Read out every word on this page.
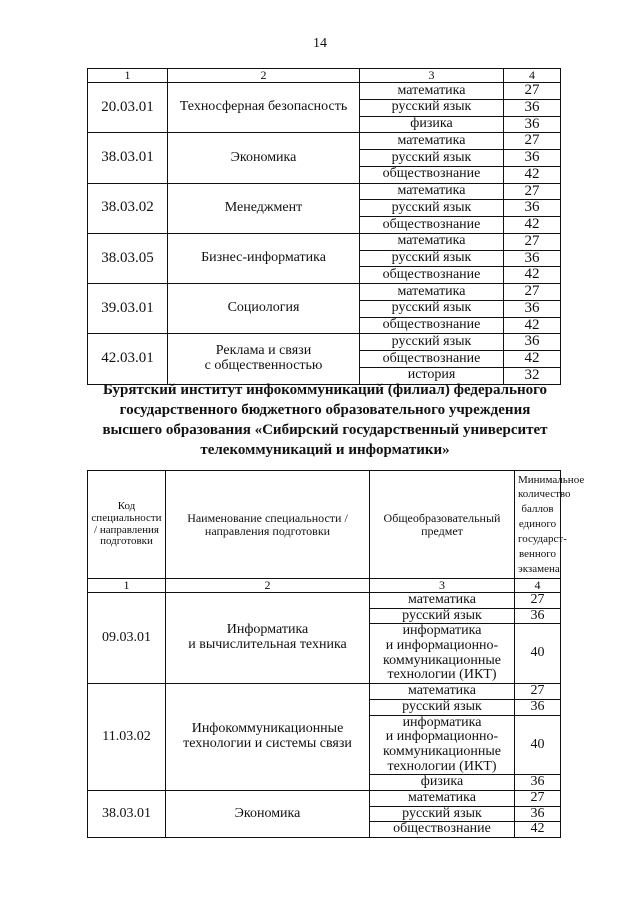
14
1	2	3	4
20.03.01	Техносферная безопасность	математика	27
		русский язык	36
		физика	36
38.03.01	Экономика	математика	27
		русский язык	36
		обществознание	42
38.03.02	Менеджмент	математика	27
		русский язык	36
		обществознание	42
38.03.05	Бизнес-информатика	математика	27
		русский язык	36
		обществознание	42
39.03.01	Социология	математика	27
		русский язык	36
		обществознание	42
42.03.01	Реклама и связи
с общественностью	русский язык	36
		обществознание	42
		история	32
Бурятский институт инфокоммуникаций (филиал) федерального государственного бюджетного образовательного учреждения высшего образования «Сибирский государственный университет телекоммуникаций и информатики»
Код специальности / направления подготовки	Наименование специальности / направления подготовки	Общеобразовательный предмет	Минимальное количество баллов единого государст-венного экзамена
1	2	3	4
09.03.01	Информатика
и вычислительная техника	математика	27
		русский язык	36
		информатика
и информационно-
коммуникационные
технологии (ИКТ)	40
11.03.02	Инфокоммуникационные
технологии и системы связи	математика	27
		русский язык	36
		информатика
и информационно-
коммуникационные
технологии (ИКТ)	40
		физика	36
38.03.01	Экономика	математика	27
		русский язык	36
		обществознание	42
